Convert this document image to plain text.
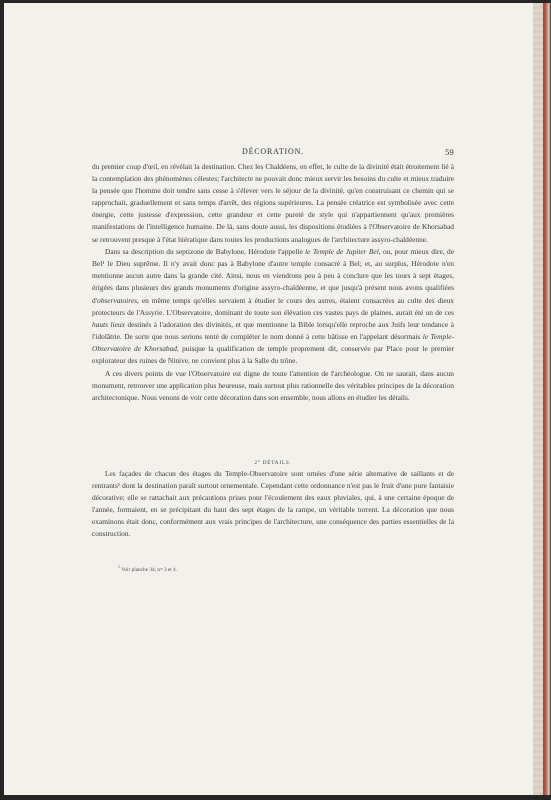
DÉCORATION.	59

du premier coup d'œil, en révélait la destination. Chez les Chaldéens, en effet, le culte de la divinité était étroitement lié à la contemplation des phénomènes célestes; l'architecte ne pouvait donc mieux servir les besoins du culte et mieux traduire la pensée que l'homme doit tendre sans cesse à s'élever vers le séjour de la divinité, qu'en construisant ce chemin qui se rapprochait, graduellement et sans temps d'arrêt, des régions supérieures. La pensée créatrice est symbolisée avec cette énergie, cette justesse d'expression, cette grandeur et cette pureté de style qui n'appartiennent qu'aux premières manifestations de l'intelligence humaine. De là, sans doute aussi, les dispositions étudiées à l'Observatoire de Khorsabad se retrouvent presque à l'état hiératique dans toutes les productions analogues de l'architecture assyro-chaldéenne.

Dans sa description du septizone de Babylone, Hérodote l'appelle le Temple de Jupiter Bel, ou, pour mieux dire, de Bel¹ le Dieu suprême. Il n'y avait donc pas à Babylone d'autre temple consacré à Bel; et, au surplus, Hérodote n'en mentionne aucun autre dans la grande cité. Ainsi, nous en viendrons peu à peu à conclure que les tours à sept étages, érigées dans plusieurs des grands monuments d'origine assyro-chaldéenne, et que jusqu'à présent nous avons qualifiées d'observatoires, en même temps qu'elles servaient à étudier le cours des astres, étaient consacrées au culte des dieux protecteurs de l'Assyrie. L'Observatoire, dominant de toute son élévation ces vastes pays de plaines, aurait été un de ces hauts lieux destinés à l'adoration des divinités, et que mentionne la Bible lorsqu'elle reproche aux Juifs leur tendance à l'idolâtrie. De sorte que nous serions tenté de compléter le nom donné à cette bâtisse en l'appelant désormais le Temple-Observatoire de Khorsabad, puisque la qualification de temple proprement dit, conservée par Place pour le premier explorateur des ruines de Ninive, ne convient plus à la Salle du trône.

A ces divers points de vue l'Observatoire est digne de toute l'attention de l'archéologue. On ne saurait, dans aucun monument, retrouver une application plus heureuse, mais surtout plus rationnelle des véritables principes de la décoration architectonique. Nous venons de voir cette décoration dans son ensemble, nous allons en étudier les détails.

2° DÉTAILS.

Les façades de chacun des étages du Temple-Observatoire sont ornées d'une série alternative de saillants et de rentrants¹ dont la destination paraît surtout ornementale. Cependant cette ordonnance n'est pas le fruit d'une pure fantaisie décorative; elle se rattachait aux précautions prises pour l'écoulement des eaux pluviales, qui, à une certaine époque de l'année, formaient, en se précipitant du haut des sept étages de la rampe, un véritable torrent. La décoration que nous examinons était donc, conformément aux vrais principes de l'architecture, une conséquence des parties essentielles de la construction.

$^1$ Voir planche 34, nᵒˢ 3 et 4.
